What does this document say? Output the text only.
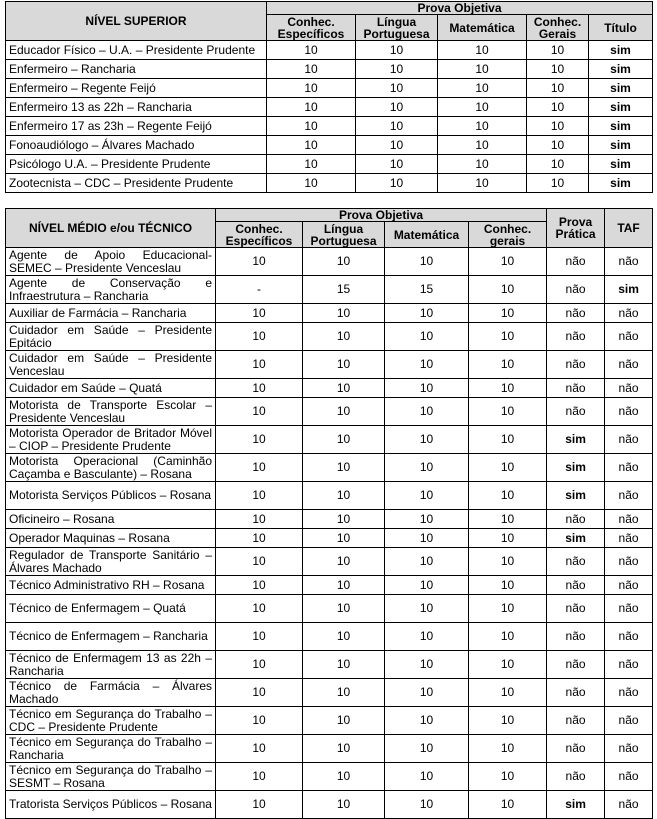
NÍVEL SUPERIOR	Prova Objetiva				
	Conhec. Específicos	Língua Portuguesa	Matemática	Conhec. Gerais	Título
Educador Físico – U.A. – Presidente Prudente	10	10	10	10	sim
Enfermeiro – Rancharia	10	10	10	10	sim
Enfermeiro – Regente Feijó	10	10	10	10	sim
Enfermeiro 13 as 22h – Rancharia	10	10	10	10	sim
Enfermeiro 17 as 23h – Regente Feijó	10	10	10	10	sim
Fonoaudiólogo – Álvares Machado	10	10	10	10	sim
Psicólogo U.A. – Presidente Prudente	10	10	10	10	sim
Zootecnista – CDC – Presidente Prudente	10	10	10	10	sim
NÍVEL MÉDIO e/ou TÉCNICO	Prova Objetiva				Prova Prática	TAF
	Conhec. Específicos	Língua Portuguesa	Matemática	Conhec. gerais		
Agente de Apoio Educacional-SEMEC – Presidente Venceslau	10	10	10	10	não	não
Agente de Conservação e Infraestrutura – Rancharia	-	15	15	10	não	sim
Auxiliar de Farmácia – Rancharia	10	10	10	10	não	não
Cuidador em Saúde – Presidente Epitácio	10	10	10	10	não	não
Cuidador em Saúde – Presidente Venceslau	10	10	10	10	não	não
Cuidador em Saúde – Quatá	10	10	10	10	não	não
Motorista de Transporte Escolar – Presidente Venceslau	10	10	10	10	não	não
Motorista Operador de Britador Móvel – CIOP – Presidente Prudente	10	10	10	10	sim	não
Motorista Operacional (Caminhão Caçamba e Basculante) – Rosana	10	10	10	10	sim	não
Motorista Serviços Públicos – Rosana	10	10	10	10	sim	não
Oficineiro – Rosana	10	10	10	10	não	não
Operador Maquinas – Rosana	10	10	10	10	sim	não
Regulador de Transporte Sanitário – Álvares Machado	10	10	10	10	não	não
Técnico Administrativo RH – Rosana	10	10	10	10	não	não
Técnico de Enfermagem – Quatá	10	10	10	10	não	não
Técnico de Enfermagem – Rancharia	10	10	10	10	não	não
Técnico de Enfermagem 13 as 22h – Rancharia	10	10	10	10	não	não
Técnico de Farmácia – Álvares Machado	10	10	10	10	não	não
Técnico em Segurança do Trabalho – CDC – Presidente Prudente	10	10	10	10	não	não
Técnico em Segurança do Trabalho – Rancharia	10	10	10	10	não	não
Técnico em Segurança do Trabalho – SESMT – Rosana	10	10	10	10	não	não
Tratorista Serviços Públicos – Rosana	10	10	10	10	sim	não
